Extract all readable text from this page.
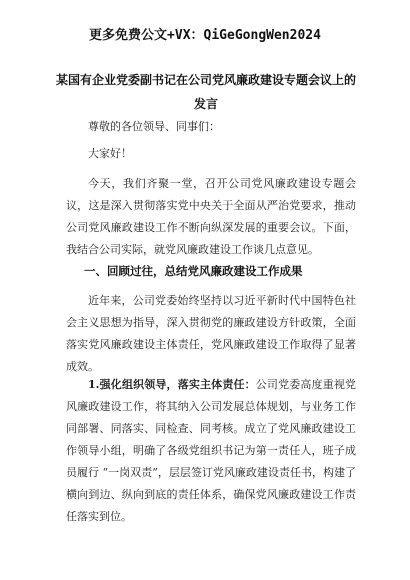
更多免费公文+VX：QiGeGongWen2024
某国有企业党委副书记在公司党风廉政建设专题会议上的发言
尊敬的各位领导、同事们：
大家好！
今天，我们齐聚一堂，召开公司党风廉政建设专题会议，这是深入贯彻落实党中央关于全面从严治党要求，推动公司党风廉政建设工作不断向纵深发展的重要会议。下面，我结合公司实际，就党风廉政建设工作谈几点意见。
一、回顾过往，总结党风廉政建设工作成果
近年来，公司党委始终坚持以习近平新时代中国特色社会主义思想为指导，深入贯彻党的廉政建设方针政策，全面落实党风廉政建设主体责任，党风廉政建设工作取得了显著成效。
1.强化组织领导，落实主体责任：公司党委高度重视党风廉政建设工作，将其纳入公司发展总体规划，与业务工作同部署、同落实、同检查、同考核。成立了党风廉政建设工作领导小组，明确了各级党组织书记为第一责任人，班子成员履行 “一岗双责”，层层签订党风廉政建设责任书，构建了横向到边、纵向到底的责任体系，确保党风廉政建设工作责任落实到位。
